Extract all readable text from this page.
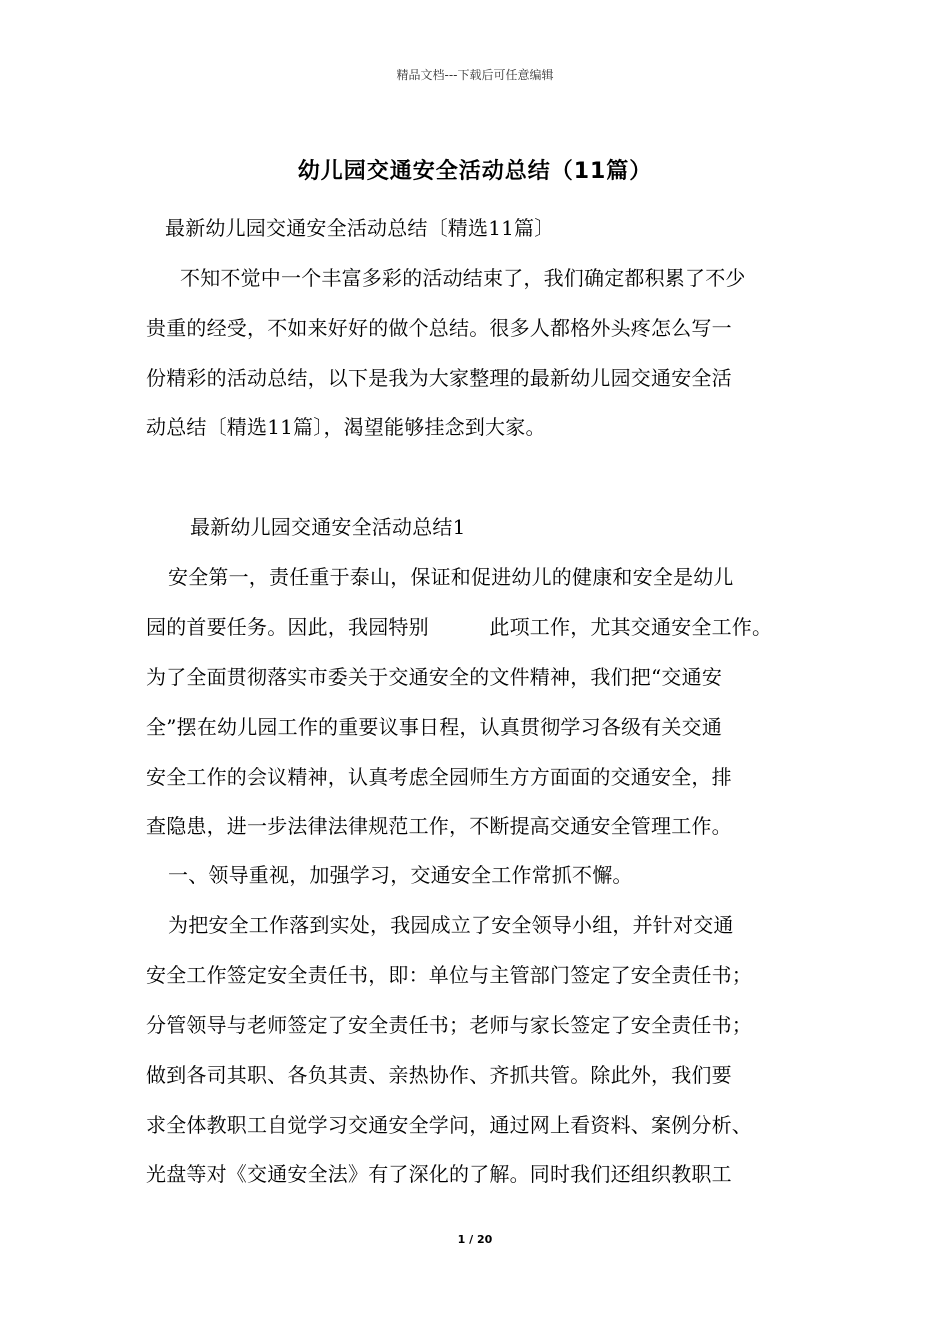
精品文档---下载后可任意编辑
幼儿园交通安全活动总结（11篇）
最新幼儿园交通安全活动总结〔精选11篇〕
不知不觉中一个丰富多彩的活动结束了，我们确定都积累了不少
贵重的经受，不如来好好的做个总结。很多人都格外头疼怎么写一
份精彩的活动总结，以下是我为大家整理的最新幼儿园交通安全活
动总结〔精选11篇〕，渴望能够挂念到大家。
最新幼儿园交通安全活动总结1
安全第一，责任重于泰山，保证和促进幼儿的健康和安全是幼儿
园的首要任务。因此，我园特别　　　此项工作，尤其交通安全工作。
为了全面贯彻落实市委关于交通安全的文件精神，我们把“交通安
全”摆在幼儿园工作的重要议事日程，认真贯彻学习各级有关交通
安全工作的会议精神，认真考虑全园师生方方面面的交通安全，排
查隐患，进一步法律法律规范工作，不断提高交通安全管理工作。
一、领导重视，加强学习，交通安全工作常抓不懈。
为把安全工作落到实处，我园成立了安全领导小组，并针对交通
安全工作签定安全责任书，即：单位与主管部门签定了安全责任书；
分管领导与老师签定了安全责任书；老师与家长签定了安全责任书；
做到各司其职、各负其责、亲热协作、齐抓共管。除此外，我们要
求全体教职工自觉学习交通安全学问，通过网上看资料、案例分析、
光盘等对《交通安全法》有了深化的了解。同时我们还组织教职工
1 / 20
